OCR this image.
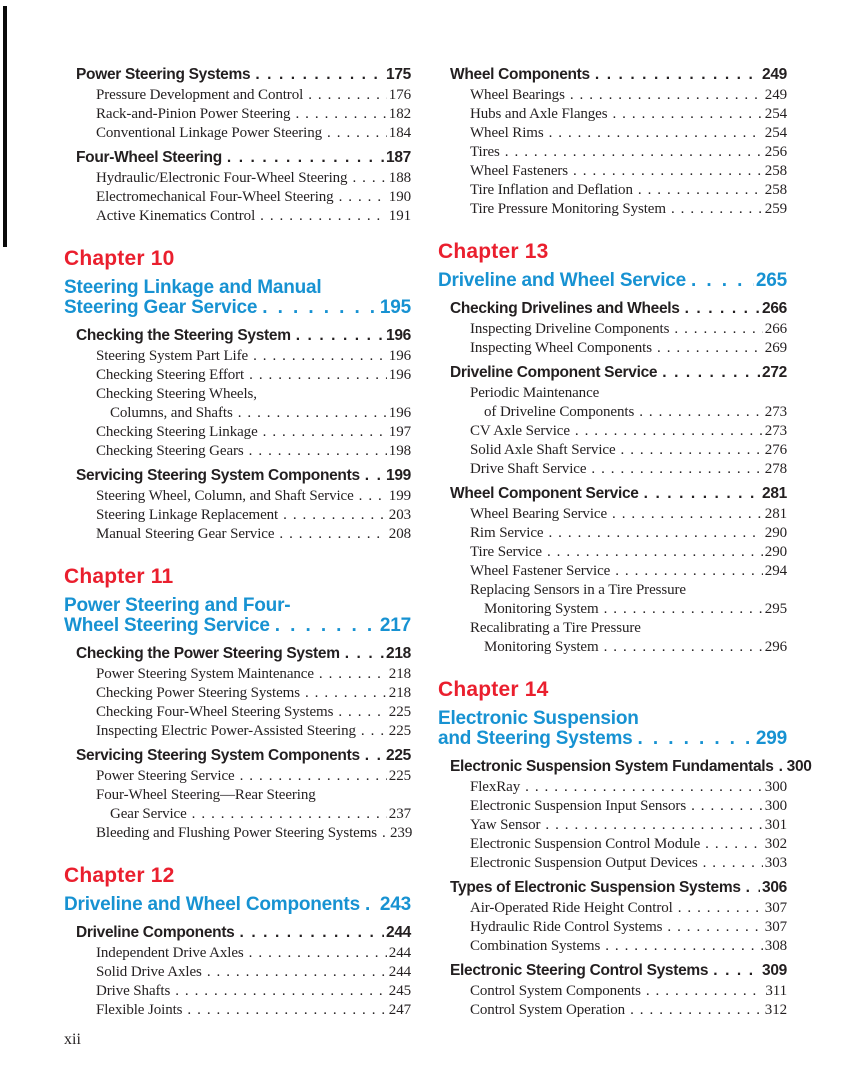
Power Steering Systems . . .	175
Pressure Development and Control . . .	176
Rack-and-Pinion Power Steering . . .	182
Conventional Linkage Power Steering . . .	184
Four-Wheel Steering . . .	187
Hydraulic/Electronic Four-Wheel Steering . . .	188
Electromechanical Four-Wheel Steering . . .	190
Active Kinematics Control . . .	191
Chapter 10
Steering Linkage and Manual
Steering Gear Service . . .	195
Checking the Steering System . . .	196
Steering System Part Life . . .	196
Checking Steering Effort . . .	196
Checking Steering Wheels,
Columns, and Shafts . . .	196
Checking Steering Linkage . . .	197
Checking Steering Gears . . .	198
Servicing Steering System Components . . . 199
Steering Wheel, Column, and Shaft Service . . . 199
Steering Linkage Replacement . . .	203
Manual Steering Gear Service . . .	208
Chapter 11
Power Steering and Four-
Wheel Steering Service . . .	217
Checking the Power Steering System . . .	218
Power Steering System Maintenance . . .	218
Checking Power Steering Systems . . .	218
Checking Four-Wheel Steering Systems . . .	225
Inspecting Electric Power-Assisted Steering . . . 225
Servicing Steering System Components . . . 225
Power Steering Service . . .	225
Four-Wheel Steering—Rear Steering
Gear Service . . .	237
Bleeding and Flushing Power Steering Systems . . . 239
Chapter 12
Driveline and Wheel Components . . . 243
Driveline Components . . .	244
Independent Drive Axles . . .	244
Solid Drive Axles . . .	244
Drive Shafts . . .	245
Flexible Joints . . .	247
Wheel Components . . .	249
Wheel Bearings . . .	249
Hubs and Axle Flanges . . .	254
Wheel Rims . . .	254
Tires . . .	256
Wheel Fasteners . . .	258
Tire Inflation and Deflation . . .	258
Tire Pressure Monitoring System . . .	259
Chapter 13
Driveline and Wheel Service . . .	265
Checking Drivelines and Wheels . . .	266
Inspecting Driveline Components . . .	266
Inspecting Wheel Components . . .	269
Driveline Component Service . . .	272
Periodic Maintenance
of Driveline Components . . .	273
CV Axle Service . . .	273
Solid Axle Shaft Service . . .	276
Drive Shaft Service . . .	278
Wheel Component Service . . .	281
Wheel Bearing Service . . .	281
Rim Service . . .	290
Tire Service . . .	290
Wheel Fastener Service . . .	294
Replacing Sensors in a Tire Pressure
Monitoring System . . .	295
Recalibrating a Tire Pressure
Monitoring System . . .	296
Chapter 14
Electronic Suspension
and Steering Systems . . .	299
Electronic Suspension System Fundamentals . . . 300
FlexRay . . .	300
Electronic Suspension Input Sensors . . .	300
Yaw Sensor . . .	301
Electronic Suspension Control Module . . .	302
Electronic Suspension Output Devices . . .	303
Types of Electronic Suspension Systems . . . 306
Air-Operated Ride Height Control . . .	307
Hydraulic Ride Control Systems . . .	307
Combination Systems . . .	308
Electronic Steering Control Systems . . .	309
Control System Components . . .	311
Control System Operation . . .	312
xii
